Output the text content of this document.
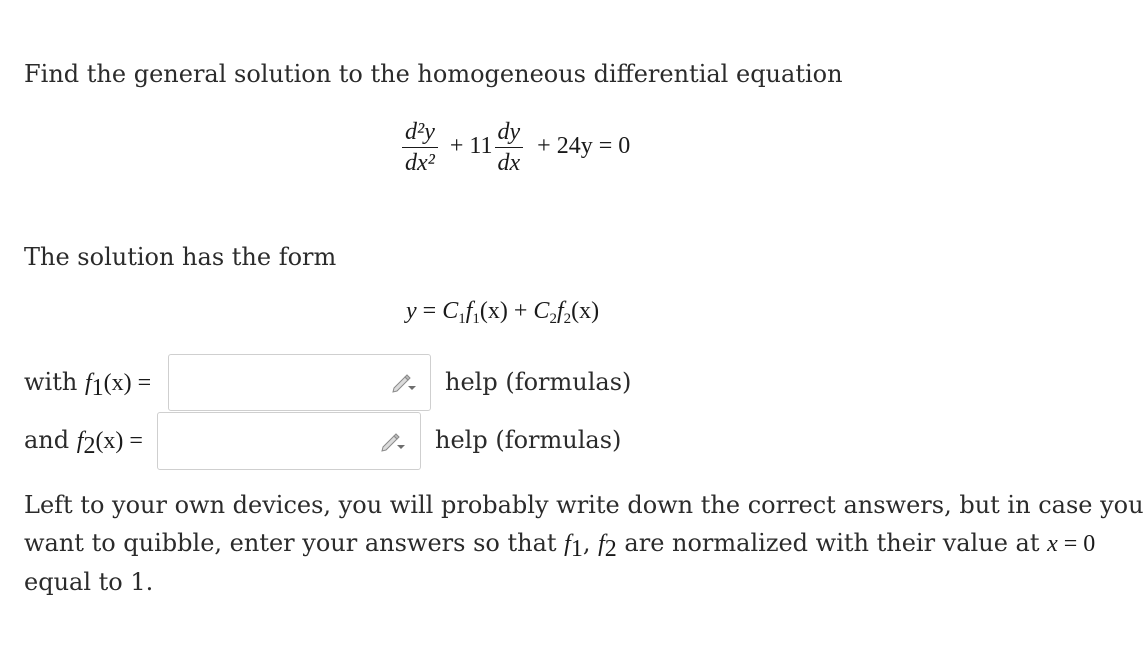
Find the general solution to the homogeneous differential equation
$\frac{\text{d²y}}{\text{dx²}} + 11 \frac{dy}{dx} + 24y = 0$
The solution has the form
$y = C_1f_1(x) + C_2f_2(x)$
with $f_1(x)$ =	help (formulas)
and $f_2(x)$ =	help (formulas)
Left to your own devices, you will probably write down the correct answers, but in case you
want to quibble, enter your answers so that $f_1$, $f_2$ are normalized with their value at x = 0
equal to 1.
